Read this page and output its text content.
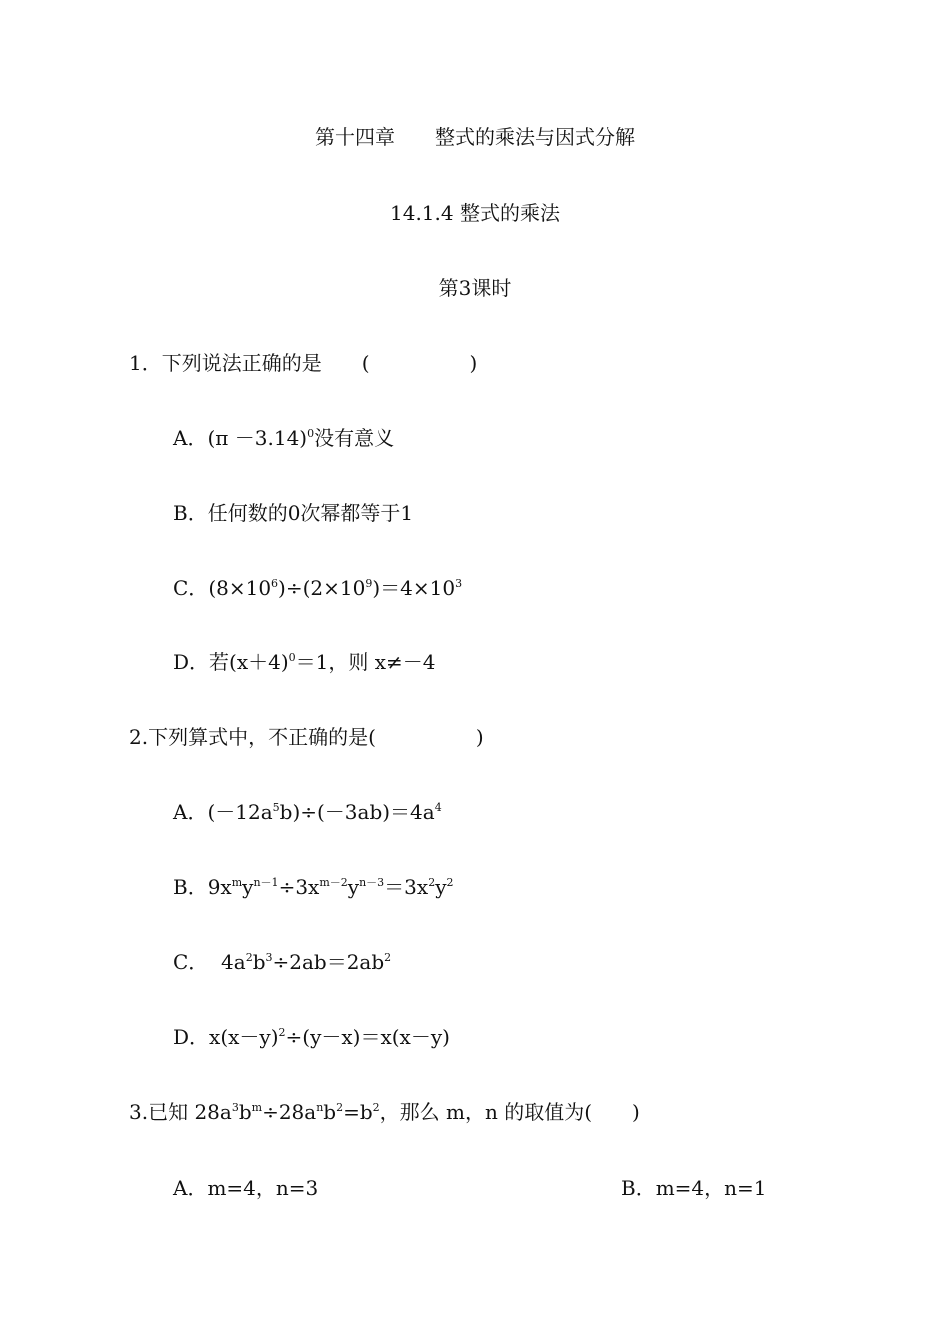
第十四章　　整式的乘法与因式分解
14.1.4 整式的乘法
第3课时
1．下列说法正确的是　　(　　　　　)
A．$(\pi -3.14)^0$没有意义
B．任何数的0次幂都等于1
C．$(8\times 10^6)\div(2\times 10^9)=4\times 10^3$
D．若$(x+4)^0=1$，则 x≠－4
2.下列算式中，不正确的是(　　　　　)
A．$(-12a^5b)\div(-3ab)=4a^4$
B．$9x^my^{n-1}\div 3x^{m-2}y^{n-3}=3x^2y^2$
C．  $4a^2b^3\div 2ab=2ab^2$
D．$x(x-y)^2\div(y-x)=x(x-y)$
3.已知 $28a^3b^m\div 28a^nb^2=b^2$，那么 m，n 的取值为(　　)
A．m=4，n=3	B．m=4，n=1
